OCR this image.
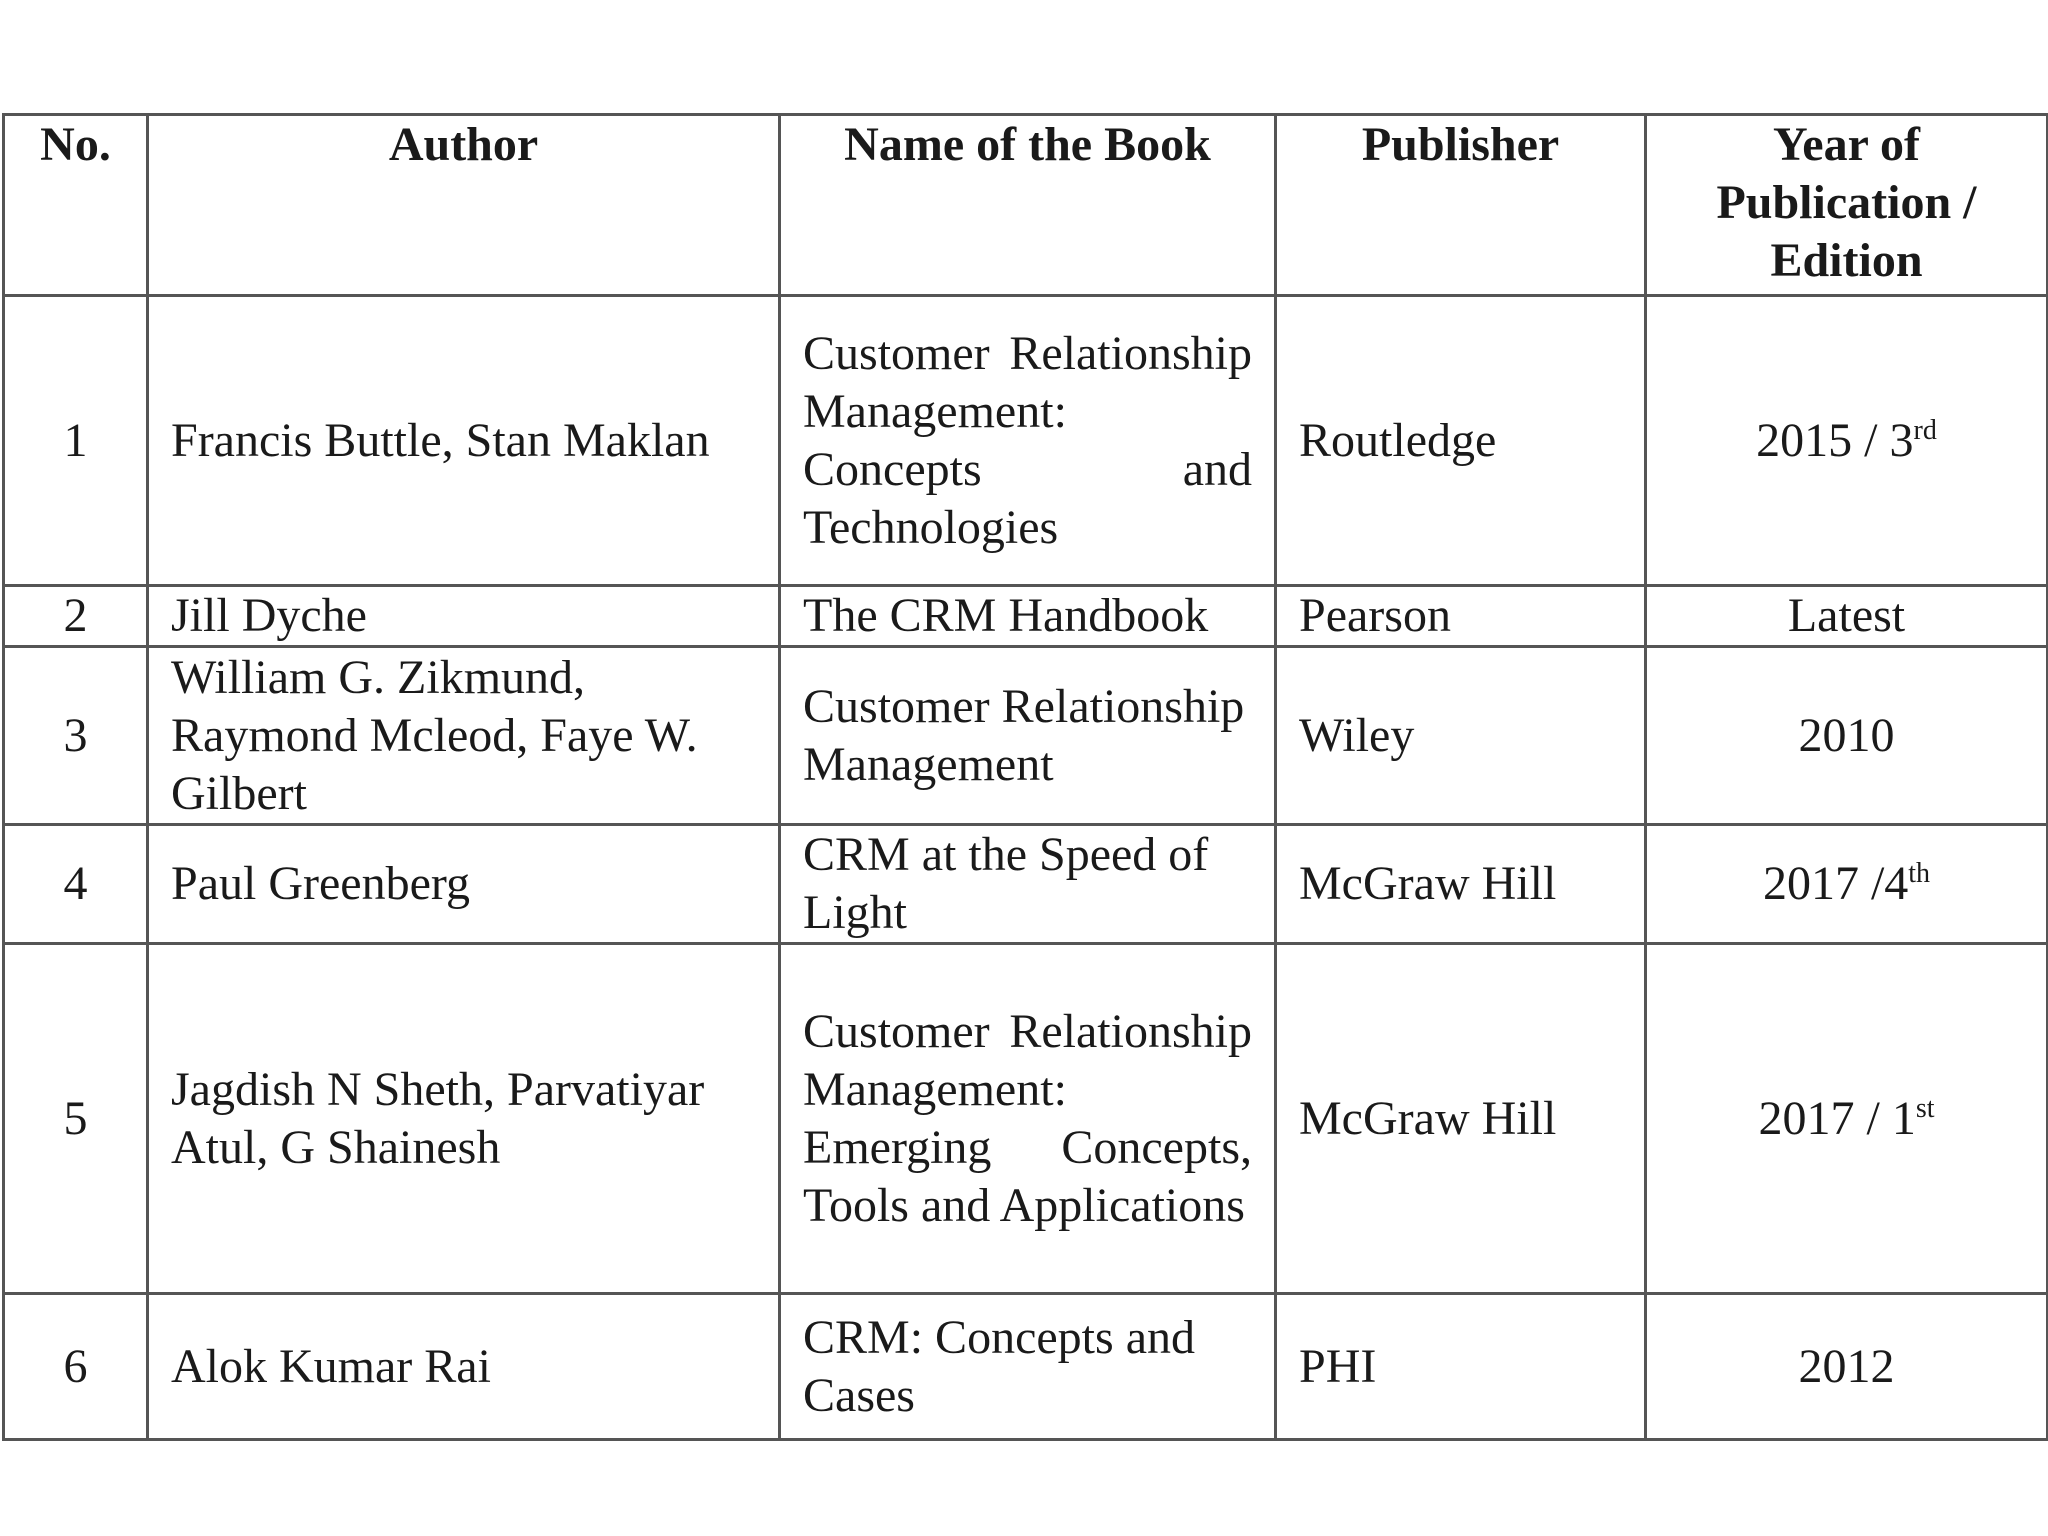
No.	Author	Name of the Book	Publisher	Year of Publication / Edition
1	Francis Buttle, Stan Maklan	Customer Relationship Management: Concepts and Technologies	Routledge	2015 / 3rd
2	Jill Dyche	The CRM Handbook	Pearson	Latest
3	William G. Zikmund, Raymond Mcleod, Faye W. Gilbert	Customer Relationship Management	Wiley	2010
4	Paul Greenberg	CRM at the Speed of Light	McGraw Hill	2017 /4th
5	Jagdish N Sheth, Parvatiyar Atul, G Shainesh	Customer Relationship Management: Emerging Concepts, Tools and Applications	McGraw Hill	2017 / 1st
6	Alok Kumar Rai	CRM: Concepts and Cases	PHI	2012
